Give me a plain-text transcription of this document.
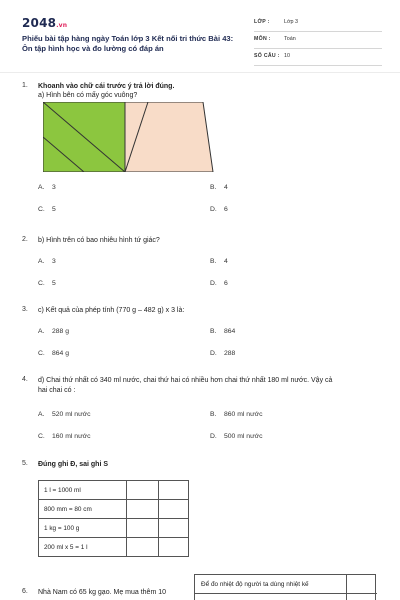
2048.vn
Phiếu bài tập hàng ngày Toán lớp 3 Kết nối tri thức Bài 43:
Ôn tập hình học và đo lường có đáp án
LỚP :	Lớp 3
MÔN : Toán
SỐ CÂU : 10
1. Khoanh vào chữ cái trước ý trả lời đúng.
a) Hình bên có mấy góc vuông?
A. 3	B. 4
C. 5	D. 6
2. b) Hình trên có bao nhiêu hình tứ giác?
A. 3	B. 4
C. 5	D. 6
3. c) Kết quả của phép tính (770 g – 482 g) x 3 là:
A. 288 g	B. 864
C. 864 g	D. 288
4. d) Chai thứ nhất có 340 ml nước, chai thứ hai có nhiều hơn chai thứ nhất 180 ml nước. Vậy cả
hai chai có :
A. 520 ml nước	B. 860 ml nước
C. 160 ml nước	D. 500 ml nước
5. Đúng ghi Đ, sai ghi S
1 l = 1000 ml		
800 mm = 80 cm		
1 kg = 100 g		
200 ml x 5 = 1 l		
6. Nhà Nam có 65 kg gạo. Mẹ mua thêm 10
Để đo nhiệt độ người ta dùng nhiệt kế
